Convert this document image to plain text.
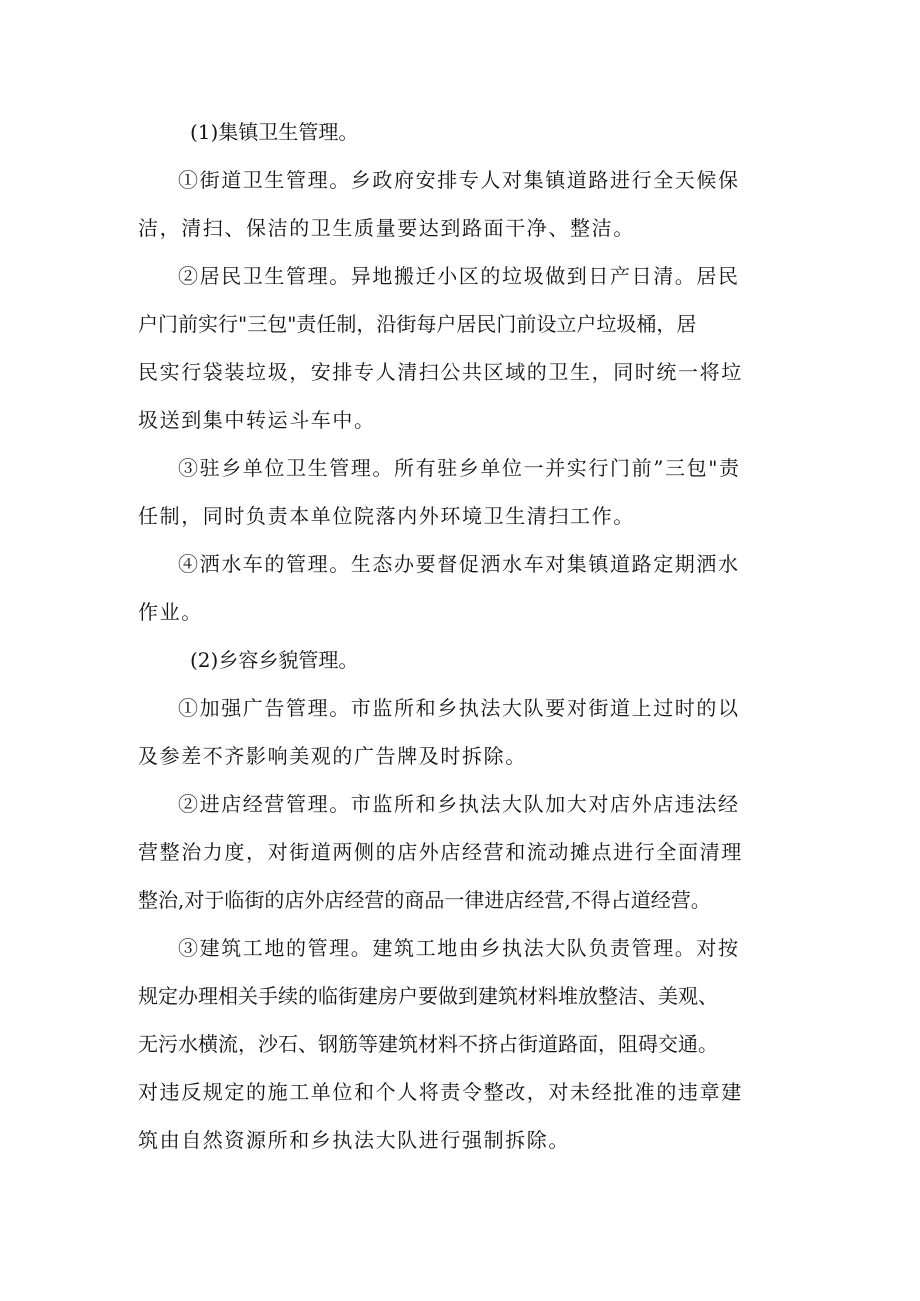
(1)集镇卫生管理。
①街道卫生管理。乡政府安排专人对集镇道路进行全天候保
洁，清扫、保洁的卫生质量要达到路面干净、整洁。
②居民卫生管理。异地搬迁小区的垃圾做到日产日清。居民
户门前实行"三包"责任制，沿街每户居民门前设立户垃圾桶，居
民实行袋装垃圾，安排专人清扫公共区域的卫生，同时统一将垃
圾送到集中转运斗车中。
③驻乡单位卫生管理。所有驻乡单位一并实行门前”三包"责
任制，同时负责本单位院落内外环境卫生清扫工作。
④洒水车的管理。生态办要督促洒水车对集镇道路定期洒水
作业。
(2)乡容乡貌管理。
①加强广告管理。市监所和乡执法大队要对街道上过时的以
及参差不齐影响美观的广告牌及时拆除。
②进店经营管理。市监所和乡执法大队加大对店外店违法经
营整治力度，对街道两侧的店外店经营和流动摊点进行全面清理
整治,对于临街的店外店经营的商品一律进店经营,不得占道经营。
③建筑工地的管理。建筑工地由乡执法大队负责管理。对按
规定办理相关手续的临街建房户要做到建筑材料堆放整洁、美观、
无污水横流，沙石、钢筋等建筑材料不挤占街道路面，阻碍交通。
对违反规定的施工单位和个人将责令整改，对未经批准的违章建
筑由自然资源所和乡执法大队进行强制拆除。
